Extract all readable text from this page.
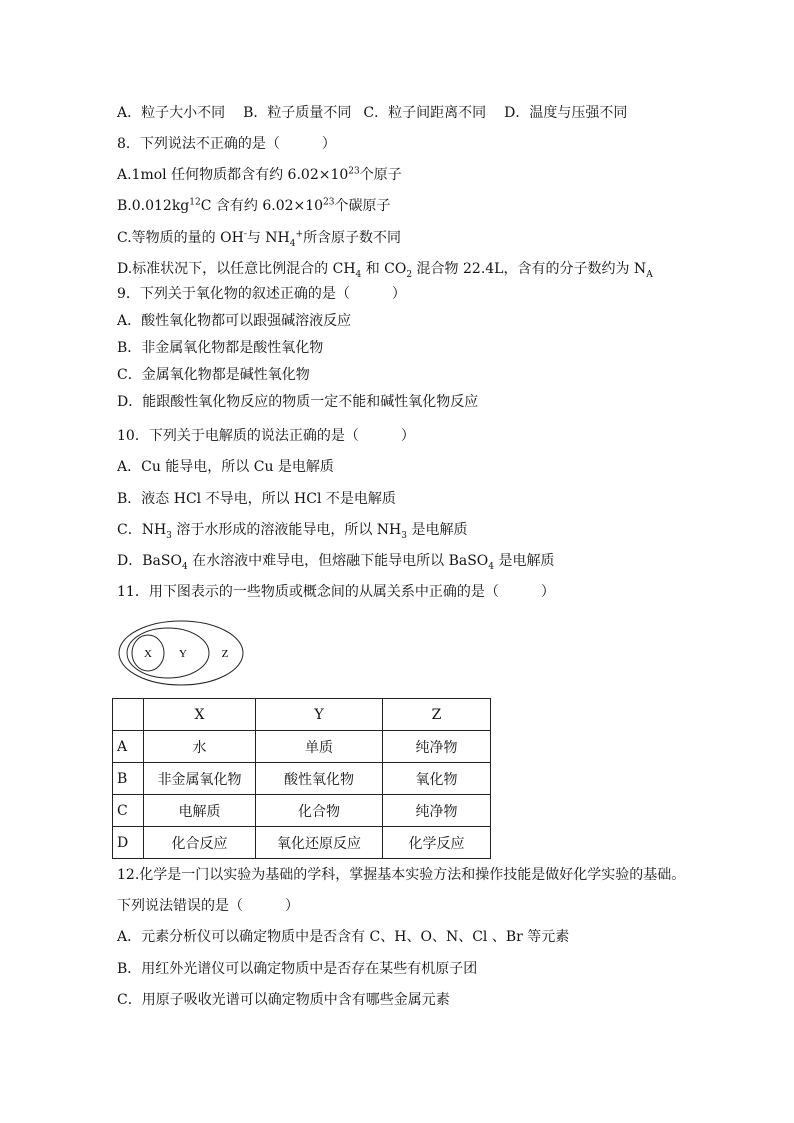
A．粒子大小不同 B．粒子质量不同 C．粒子间距离不同 D．温度与压强不同
8．下列说法不正确的是（　　　）
A.1mol 任何物质都含有约 $6.02\times 10^{23}$个原子
$B.0.012kg^{12}C$ 含有约 $6.02\times 10^{23}$个碳原子
C.等物质的量的 OH-与 $NH_4^+$所含原子数不同
D.标准状况下，以任意比例混合的 $CH_4$ 和 $CO_2$ 混合物 22.4L，含有的分子数约为 $N_A$
9．下列关于氧化物的叙述正确的是（　　　）
A．酸性氧化物都可以跟强碱溶液反应
B．非金属氧化物都是酸性氧化物
C．金属氧化物都是碱性氧化物
D．能跟酸性氧化物反应的物质一定不能和碱性氧化物反应
10．下列关于电解质的说法正确的是（　　　）
A．Cu 能导电，所以 Cu 是电解质
B．液态 HCl 不导电，所以 HCl 不是电解质
C．$NH_3$ 溶于水形成的溶液能导电，所以 $NH_3$ 是电解质
D．BaSO$_4$ 在水溶液中难导电，但熔融下能导电所以 BaSO$_4$ 是电解质
11．用下图表示的一些物质或概念间的从属关系中正确的是（　　　）
X Y	Z
	X	Y	Z
A	水	单质	纯净物
B	非金属氧化物	酸性氧化物	氧化物
C	电解质	化合物	纯净物
D	化合反应	氧化还原反应	化学反应
12.化学是一门以实验为基础的学科，掌握基本实验方法和操作技能是做好化学实验的基础。
下列说法错误的是（　　　）
A．元素分析仪可以确定物质中是否含有 C、H、O、N、Cl 、Br 等元素
B．用红外光谱仪可以确定物质中是否存在某些有机原子团
C．用原子吸收光谱可以确定物质中含有哪些金属元素
